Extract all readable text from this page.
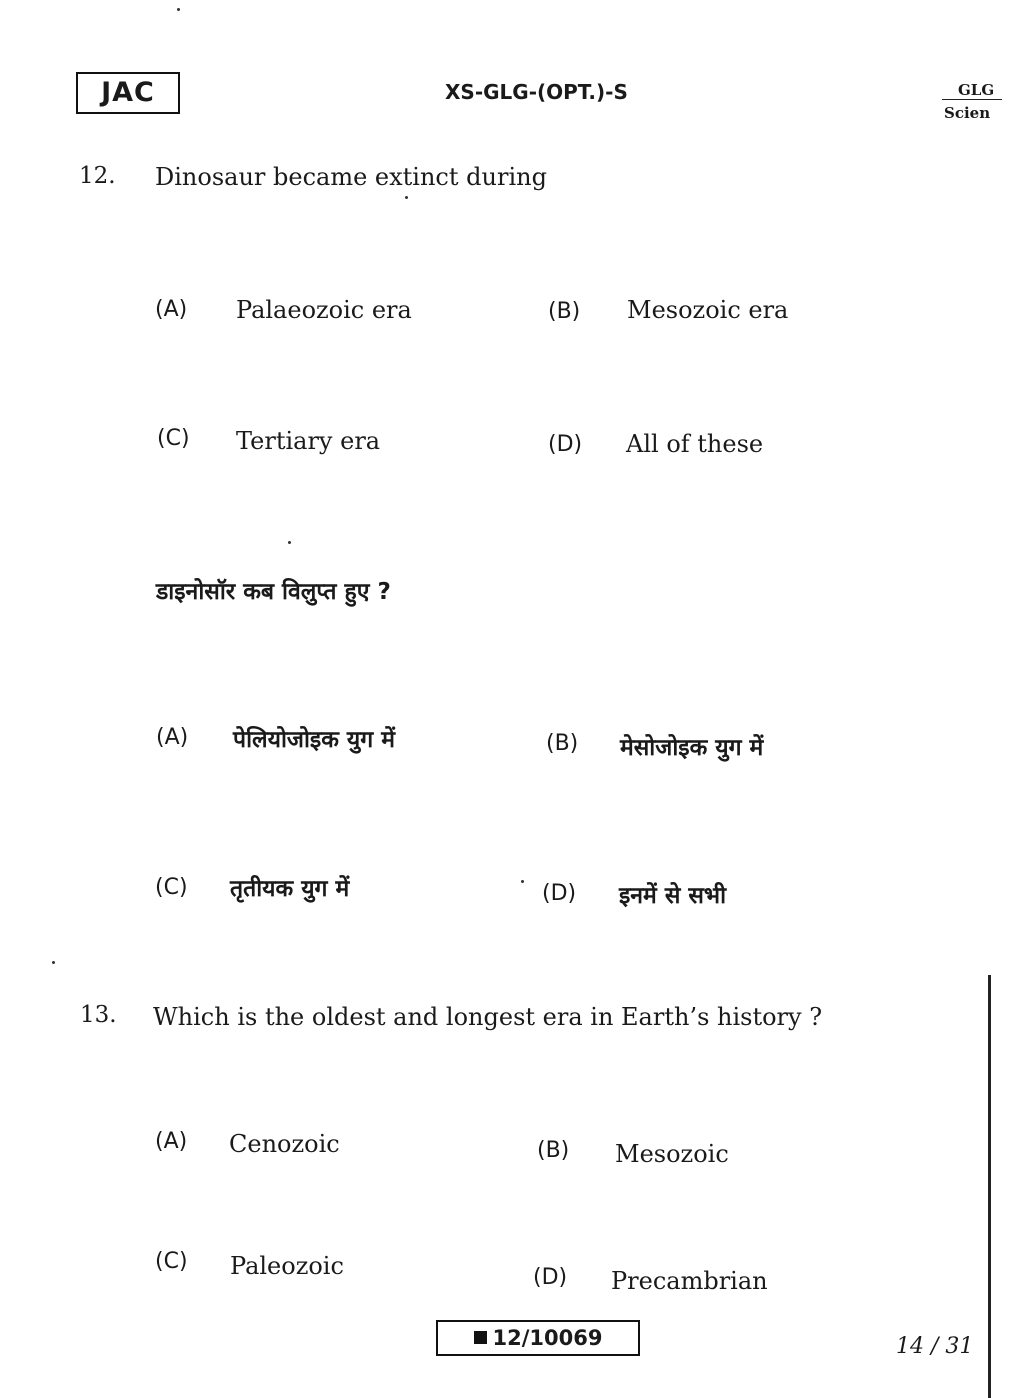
JAC	XS-GLG-(OPT.)-S	GLG
Scien
12. Dinosaur became extinct during
(A) Palaeozoic era	(B) Mesozoic era
(C) Tertiary era	(D) All of these
डाइनोसॉर कब विलुप्त हुए ?
(A) पेलियोजोइक युग में	(B) मेसोजोइक युग में
(C) तृतीयक युग में	(D) इनमें से सभी
13. Which is the oldest and longest era in Earth’s history ?
(A) Cenozoic	(B) Mesozoic
(C) Paleozoic	(D) Precambrian
12/10069	14 / 31
